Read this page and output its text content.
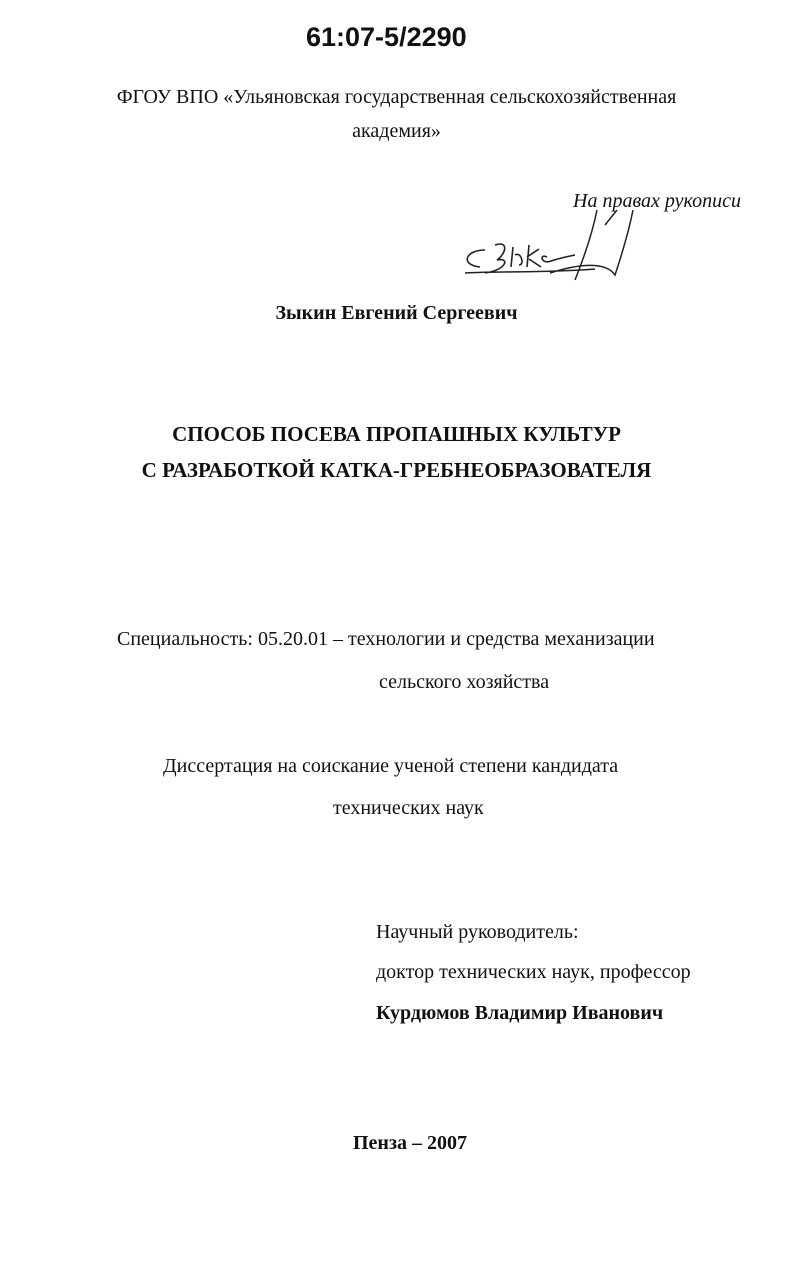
61:07-5/2290
ФГОУ ВПО «Ульяновская государственная сельскохозяйственная
академия»
На правах рукописи
Зыкин Евгений Сергеевич
СПОСОБ ПОСЕВА ПРОПАШНЫХ КУЛЬТУР
С РАЗРАБОТКОЙ КАТКА-ГРЕБНЕОБРАЗОВАТЕЛЯ
Специальность: 05.20.01 – технологии и средства механизации
сельского хозяйства
Диссертация на соискание ученой степени кандидата
технических наук
Научный руководитель:
доктор технических наук, профессор
Курдюмов Владимир Иванович
Пенза – 2007
